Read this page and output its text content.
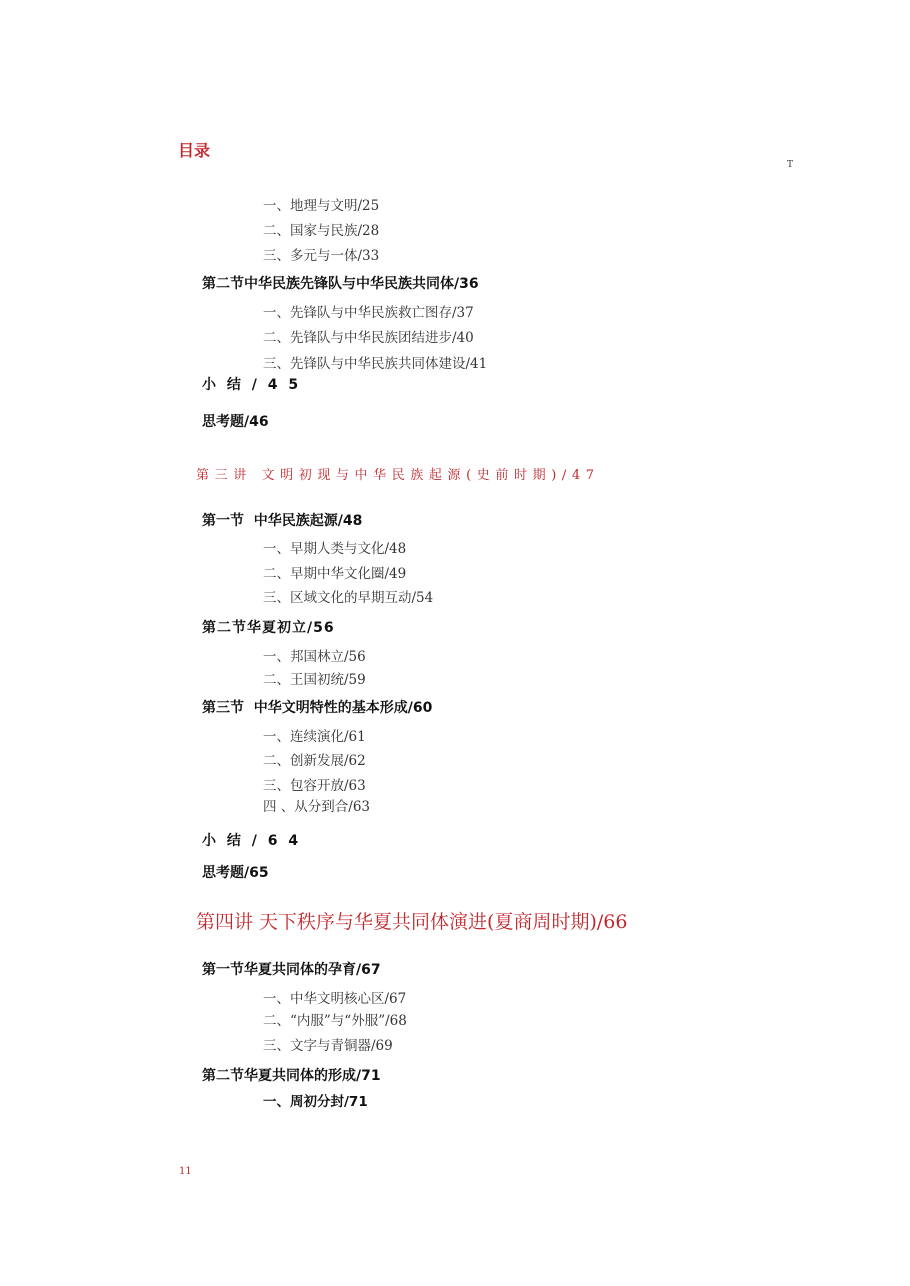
目录
T
一、地理与文明/25
二、国家与民族/28
三、多元与一体/33
第二节中华民族先锋队与中华民族共同体/36
一、先锋队与中华民族救亡图存/37
二、先锋队与中华民族团结进步/40
三、先锋队与中华民族共同体建设/41
小 结 / 4 5
思考题/46
第三讲 文明初现与中华民族起源(史前时期)/47
第一节  中华民族起源/48
一、早期人类与文化/48
二、早期中华文化圈/49
三、区域文化的早期互动/54
第二节华夏初立/56
一、邦国林立/56
二、王国初统/59
第三节  中华文明特性的基本形成/60
一、连续演化/61
二、创新发展/62
三、包容开放/63
四 、从分到合/63
小 结 / 6 4
思考题/65
第四讲 天下秩序与华夏共同体演进(夏商周时期)/66
第一节华夏共同体的孕育/67
一、中华文明核心区/67
二、“内服”与“外服”/68
三、文字与青铜器/69
第二节华夏共同体的形成/71
一、周初分封/71
11
